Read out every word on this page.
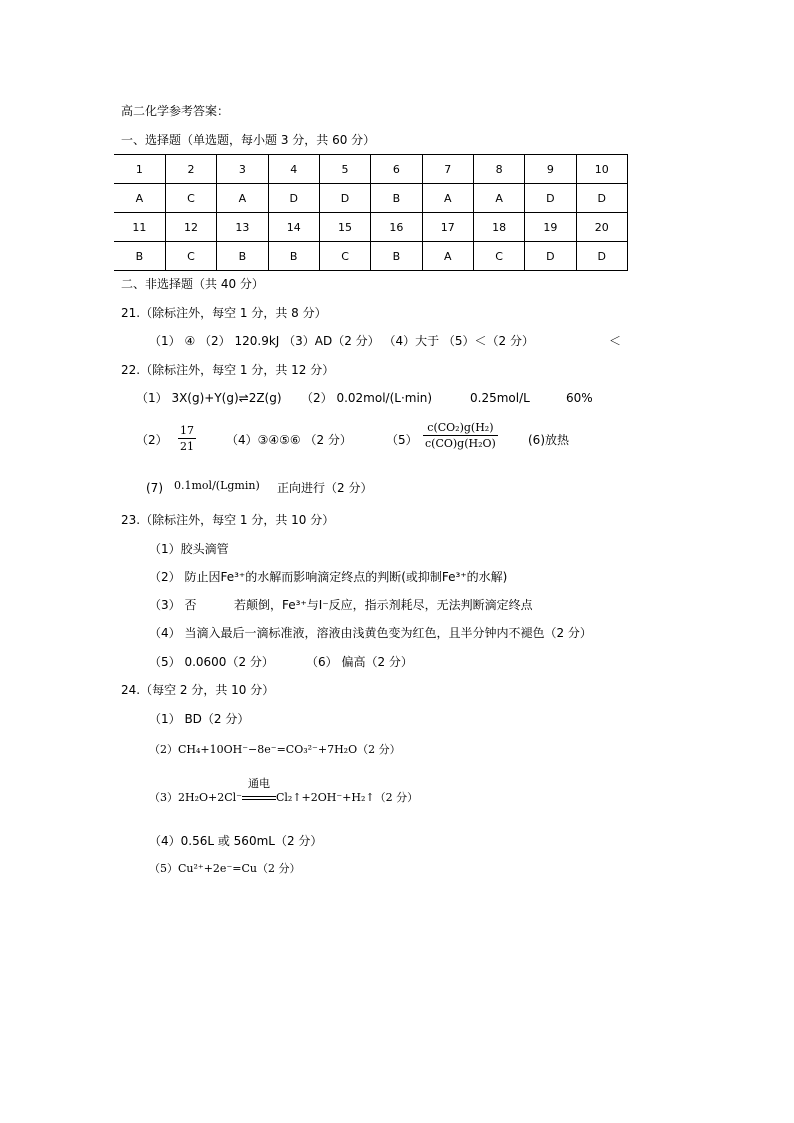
高二化学参考答案：
一、选择题（单选题，每小题 3 分，共 60 分）
1	2	3	4	5	6	7	8	9	10
A	C	A	D	D	B	A	A	D	D
11	12	13	14	15	16	17	18	19	20
B	C	B	B	C	B	A	C	D	D
二、非选择题（共 40 分）
21.（除标注外，每空 1 分，共 8 分）
（1） ④ （2） 120.9kJ （3）AD（2 分） （4）大于 （5）＜（2 分）	＜
22.（除标注外，每空 1 分，共 12 分）
（1） 3X(g)+Y(g)⇌2Z(g) （2） 0.02mol/(L·min)	0.25mol/L	60%
$(2) \frac{17}{21}$	（4）③④⑤⑥ （2 分）	$(5) \frac{\text{c(CO₂)g(H₂)}}{\text{c(CO)g(H₂O)}}$	(6)放热
(7) 0.1mol/(Lgmin) 正向进行（2 分）
23.（除标注外，每空 1 分，共 10 分）
（1）胶头滴管
（2） 防止因Fe³⁺的水解而影响滴定终点的判断(或抑制Fe³⁺的水解)
（3） 否	若颠倒，Fe³⁺与I⁻反应，指示剂耗尽，无法判断滴定终点
（4） 当滴入最后一滴标准液，溶液由浅黄色变为红色，且半分钟内不褪色（2 分）
（5） 0.0600（2 分）	（6） 偏高（2 分）
24.（每空 2 分，共 10 分）
（1） BD（2 分）
（2）CH₄+10OH⁻−8e⁻=CO₃²⁻+7H₂O（2 分）
（3）2H₂O+2Cl⁻
通电
Cl₂↑+2OH⁻+H₂↑（2 分）
（4）0.56L 或 560mL（2 分）
（5）Cu²⁺+2e⁻=Cu（2 分）
